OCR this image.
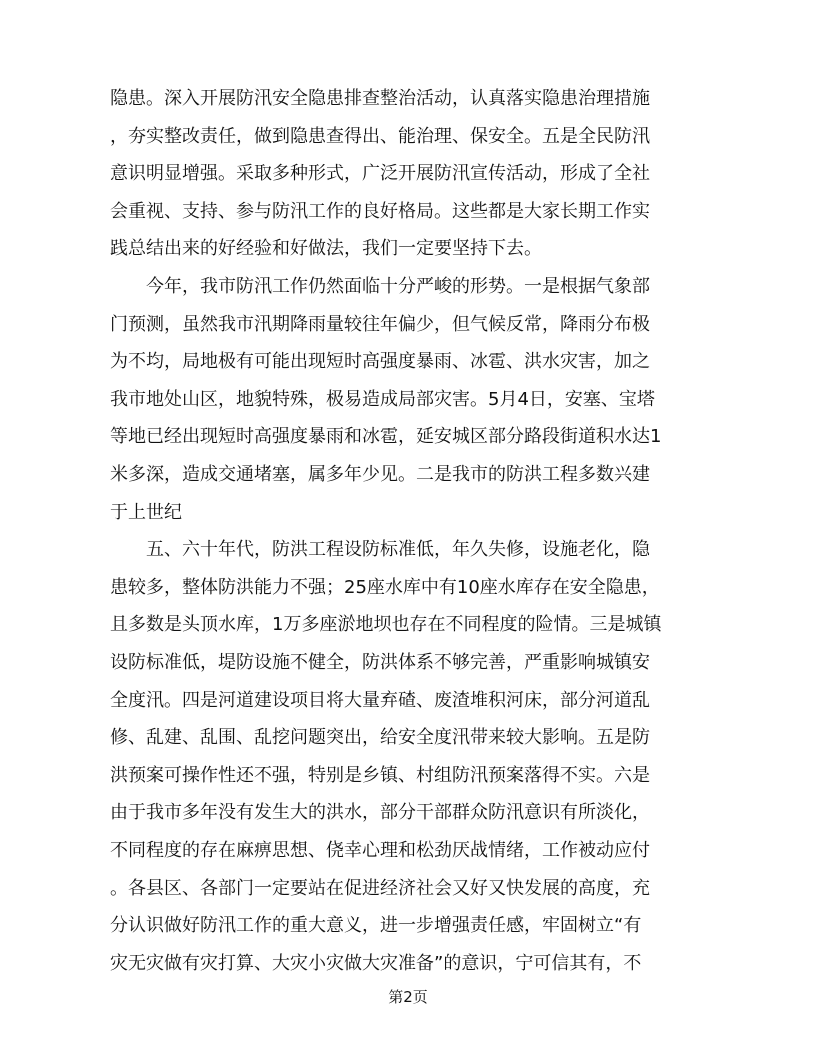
隐患。深入开展防汛安全隐患排查整治活动，认真落实隐患治理措施
，夯实整改责任，做到隐患查得出、能治理、保安全。五是全民防汛
意识明显增强。采取多种形式，广泛开展防汛宣传活动，形成了全社
会重视、支持、参与防汛工作的良好格局。这些都是大家长期工作实
践总结出来的好经验和好做法，我们一定要坚持下去。
今年，我市防汛工作仍然面临十分严峻的形势。一是根据气象部
门预测，虽然我市汛期降雨量较往年偏少，但气候反常，降雨分布极
为不均，局地极有可能出现短时高强度暴雨、冰雹、洪水灾害，加之
我市地处山区，地貌特殊，极易造成局部灾害。5月4日，安塞、宝塔
等地已经出现短时高强度暴雨和冰雹，延安城区部分路段街道积水达1
米多深，造成交通堵塞，属多年少见。二是我市的防洪工程多数兴建
于上世纪
五、六十年代，防洪工程设防标准低，年久失修，设施老化，隐
患较多，整体防洪能力不强；25座水库中有10座水库存在安全隐患，
且多数是头顶水库，1万多座淤地坝也存在不同程度的险情。三是城镇
设防标准低，堤防设施不健全，防洪体系不够完善，严重影响城镇安
全度汛。四是河道建设项目将大量弃碴、废渣堆积河床，部分河道乱
修、乱建、乱围、乱挖问题突出，给安全度汛带来较大影响。五是防
洪预案可操作性还不强，特别是乡镇、村组防汛预案落得不实。六是
由于我市多年没有发生大的洪水，部分干部群众防汛意识有所淡化，
不同程度的存在麻痹思想、侥幸心理和松劲厌战情绪，工作被动应付
。各县区、各部门一定要站在促进经济社会又好又快发展的高度，充
分认识做好防汛工作的重大意义，进一步增强责任感，牢固树立“有
灾无灾做有灾打算、大灾小灾做大灾准备”的意识，宁可信其有，不
第2页
